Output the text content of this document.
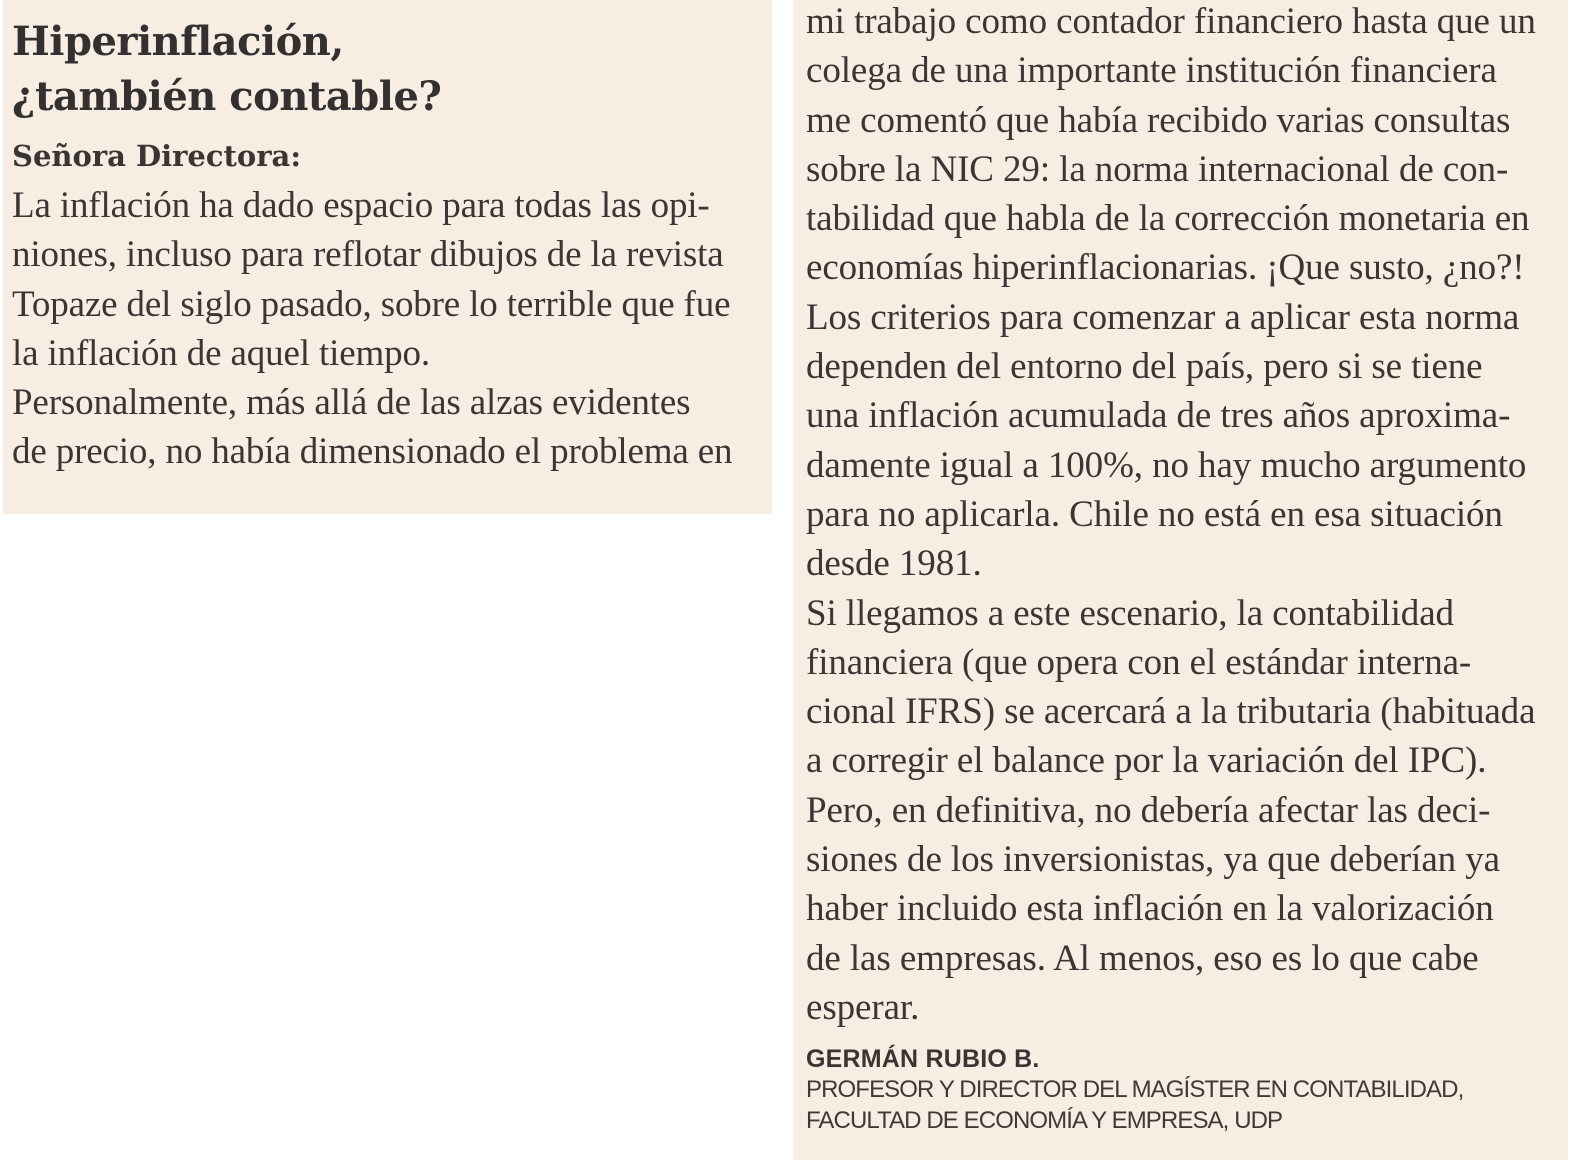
Hiperinflación,
¿también contable?
Señora Directora:
La inflación ha dado espacio para todas las opi-
niones, incluso para reflotar dibujos de la revista
Topaze del siglo pasado, sobre lo terrible que fue
la inflación de aquel tiempo.
Personalmente, más allá de las alzas evidentes
de precio, no había dimensionado el problema en
mi trabajo como contador financiero hasta que un
colega de una importante institución financiera
me comentó que había recibido varias consultas
sobre la NIC 29: la norma internacional de con-
tabilidad que habla de la corrección monetaria en
economías hiperinflacionarias. ¡Que susto, ¿no?!
Los criterios para comenzar a aplicar esta norma
dependen del entorno del país, pero si se tiene
una inflación acumulada de tres años aproxima-
damente igual a 100%, no hay mucho argumento
para no aplicarla. Chile no está en esa situación
desde 1981.
Si llegamos a este escenario, la contabilidad
financiera (que opera con el estándar interna-
cional IFRS) se acercará a la tributaria (habituada
a corregir el balance por la variación del IPC).
Pero, en definitiva, no debería afectar las deci-
siones de los inversionistas, ya que deberían ya
haber incluido esta inflación en la valorización
de las empresas. Al menos, eso es lo que cabe
esperar.
GERMÁN RUBIO B.
PROFESOR Y DIRECTOR DEL MAGÍSTER EN CONTABILIDAD,
FACULTAD DE ECONOMÍA Y EMPRESA, UDP
